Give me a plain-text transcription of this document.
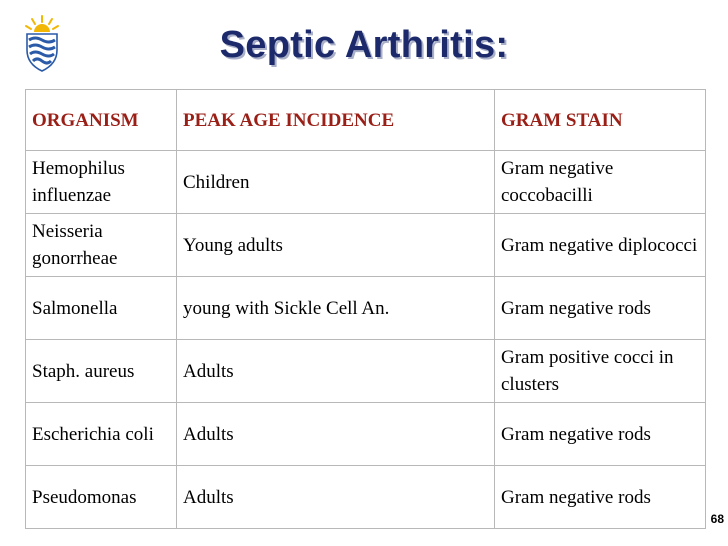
Septic Arthritis:
ORGANISM	PEAK AGE INCIDENCE	GRAM STAIN
Hemophilus influenzae	Children	Gram negative coccobacilli
Neisseria gonorrheae	Young adults	Gram negative diplococci
Salmonella	young with Sickle Cell An.	Gram negative rods
Staph. aureus	Adults	Gram positive cocci in clusters
Escherichia coli	Adults	Gram negative rods
Pseudomonas	Adults	Gram negative rods
68
